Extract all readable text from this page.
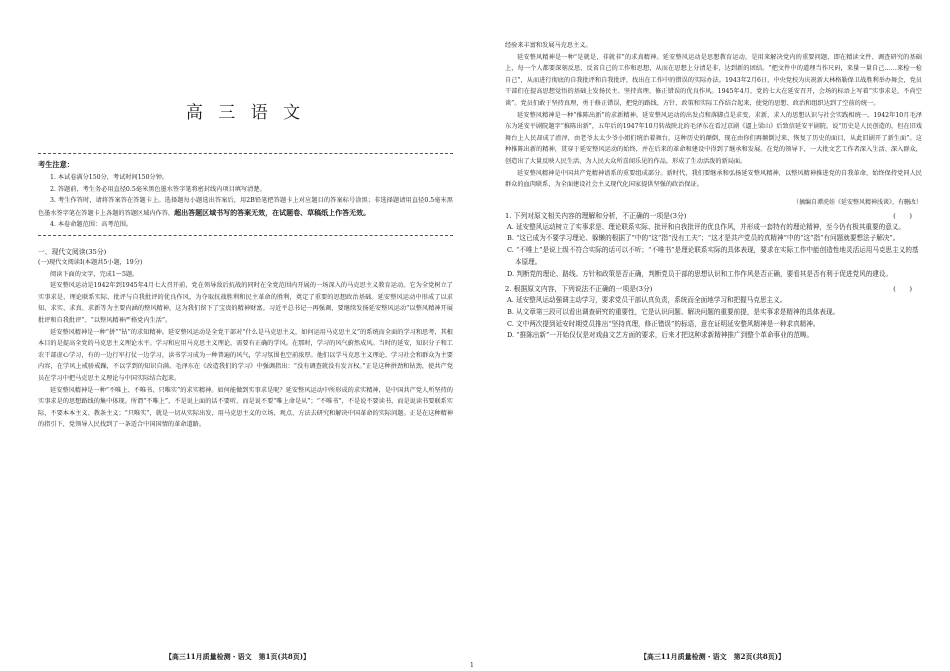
高 三 语 文

考生注意：

1. 本试卷满分150分，考试时间150分钟。

2. 答题前，考生务必用直径0.5毫米黑色墨水签字笔将密封线内项目填写清楚。

3. 考生作答时，请将答案答在答题卡上。选择题每小题选出答案后，用2B铅笔把答题卡上对应题目的答案标号涂黑；非选择题请用直径0.5毫米黑色墨水签字笔在答题卡上各题的答题区域内作答，超出答题区域书写的答案无效，在试题卷、草稿纸上作答无效。

4. 本卷命题范围：高考范围。

一、现代文阅读(35分)

(一)现代文阅读Ⅰ(本题共5小题，19分)

阅读下面的文字，完成1～5题。

延安整风运动是1942年到1945年4月七大召开前，党在领导敌后抗战的同时在全党范围内开展的一场深入的马克思主义教育运动。它为全党树立了实事求是、理论联系实际、批评与自我批评的优良作风，为夺取抗战胜利和民主革命的胜利，奠定了重要的思想政治基础。延安整风运动中形成了以求知、求实、求真、求新等为主要内涵的整风精神，这为我们留下了宝贵的精神财富。习近平总书记一再强调，要继续发扬延安整风运动“以整风精神开展批评和自我批评”、“以整风精神严格党内生活”。

延安整风精神是一种“拼”“钻”的求知精神。延安整风运动是全党干部对“什么是马克思主义，如何运用马克思主义”的系统而全面的学习和思考，其根本目的是提高全党的马克思主义理论水平。学习和应用马克思主义理论，需要有正确的学风。在那时，学习的风气蔚然成风。当时的延安，知识分子和工农干部虚心学习，有的一边行军打仗一边学习，读书学习成为一种普遍的风气，学习氛围也空前浓厚。他们以学马克思主义理论、学习社会和群众为主要内容，在学风上戒骄戒躁，不以学到的知识自满。毛泽东在《改造我们的学习》中强调指出：“没有调查就没有发言权。”正是这种拼劲和钻劲，使共产党员在学习中把马克思主义理论与中国实际结合起来。

延安整风精神是一种“不唯上、不唯书、只唯实”的求实精神。如何能做到实事求是呢？延安整风运动中所形成的求实精神，是中国共产党人所坚持的实事求是的思想路线的集中体现。所谓“不唯上”，不是说上面的话不要听，而是说不要“唯上命是从”；“不唯书”，不是说不要读书，而是说读书要联系实际，不要本本主义、教条主义；“只唯实”，就是一切从实际出发，用马克思主义的立场、观点、方法去研究和解决中国革命的实际问题。正是在这种精神的指引下，党领导人民找到了一条适合中国国情的革命道路。

【高三11月质量检测・语文　第1页(共8页)】

经验来丰富和发展马克思主义。

延安整风精神是一种“是就是，非就非”的求真精神。延安整风运动是思想教育运动，是用来解决党内的重要问题，即在精读文件、调查研究的基础上，每一个人都要深刻反思，反省自己的工作和思想，从而在思想上分清是非，达到新的团结。“把文件中的道理当作尺码，来量一量自己……来检一检自己”，从而进行彻底的自我批评和自我批评，找出在工作中的错误的实际办法。1943年2月6日，中央党校为庆祝新大林格勒保卫战胜利举办舞会，党员干部们在提高思想觉悟的基础上发扬民主、坚持真理、修正错误的优良作风。1945年4月，党的七大在延安召开，会场的标语上写着“实事求是，不尚空谈”。党员们敢于坚持真理，勇于修正错误，把党的路线、方针、政策和实际工作结合起来，使党的思想、政治和组织达到了空前的统一。

延安整风精神是一种“推陈出新”的求新精神。延安整风运动的出发点和落脚点是求变、求新，求人的思想认识与社会实践相统一。1942年10月毛泽东为延安平剧院题字“推陈出新”，五年后的1947年10月转战陕北的毛泽东在看过京剧《逼上梁山》后致信延安平剧院，说“历史是人民创造的，但在旧戏舞台上人民却成了渣滓，由老爷太太少爷小姐们统治着舞台，这种历史的颠倒，现在由你们再颠倒过来，恢复了历史的面目，从此旧剧开了新生面”。这种推陈出新的精神，贯穿于延安整风运动的始终，并在后来的革命和建设中得到了继承和发展。在党的领导下，一大批文艺工作者深入生活、深入群众，创造出了大量反映人民生活、为人民大众所喜闻乐见的作品，形成了生动活泼的新局面。

延安整风精神是中国共产党精神谱系的重要组成部分。新时代，我们要继承和弘扬延安整风精神，以整风精神推进党的自我革命，始终保持党同人民群众的血肉联系，为全面建设社会主义现代化国家提供坚强的政治保证。

（摘编自谭虎娃《延安整风精神浅谈》，有删改）

1. 下列对原文相关内容的理解和分析，不正确的一项是(3分)	(　　)

A. 延安整风运动树立了实事求是、理论联系实际、批评和自我批评的优良作风，并形成一套特有的理论精神，至今仍有极其重要的意义。

B. “这已成为不要学习理论、躲懒的根据了”中的“这”指“没有工夫”；“这才是共产党员的真精神”中的“这”指“有问题就要想法子解决”。

C. “不唯上”是说上级不符合实际的话可以不听；“不唯书”是理论联系实际的具体表现，要求在实际工作中能创造性地灵活运用马克思主义的基本原理。

D. 判断党的理论、路线、方针和政策是否正确，判断党员干部的思想认识和工作作风是否正确，要看其是否有利于促进党风的建设。

2. 根据原文内容，下列说法不正确的一项是(3分)	(　　)

A. 延安整风运动强调主动学习，要求党员干部认真负责，系统而全面地学习和把握马克思主义。

B. 从文章第三段可以看出调查研究的重要性，它是认识问题、解决问题的重要前提，是实事求是精神的具体表现。

C. 文中两次提到延安时期党员推出“坚持真理，修正错误”的标语，意在证明延安整风精神是一种求真精神。

D. “推陈出新”一开始仅仅是对戏曲文艺方面的要求，后来才把这种求新精神推广到整个革命事业的范畴。

【高三11月质量检测・语文　第2页(共8页)】
1
